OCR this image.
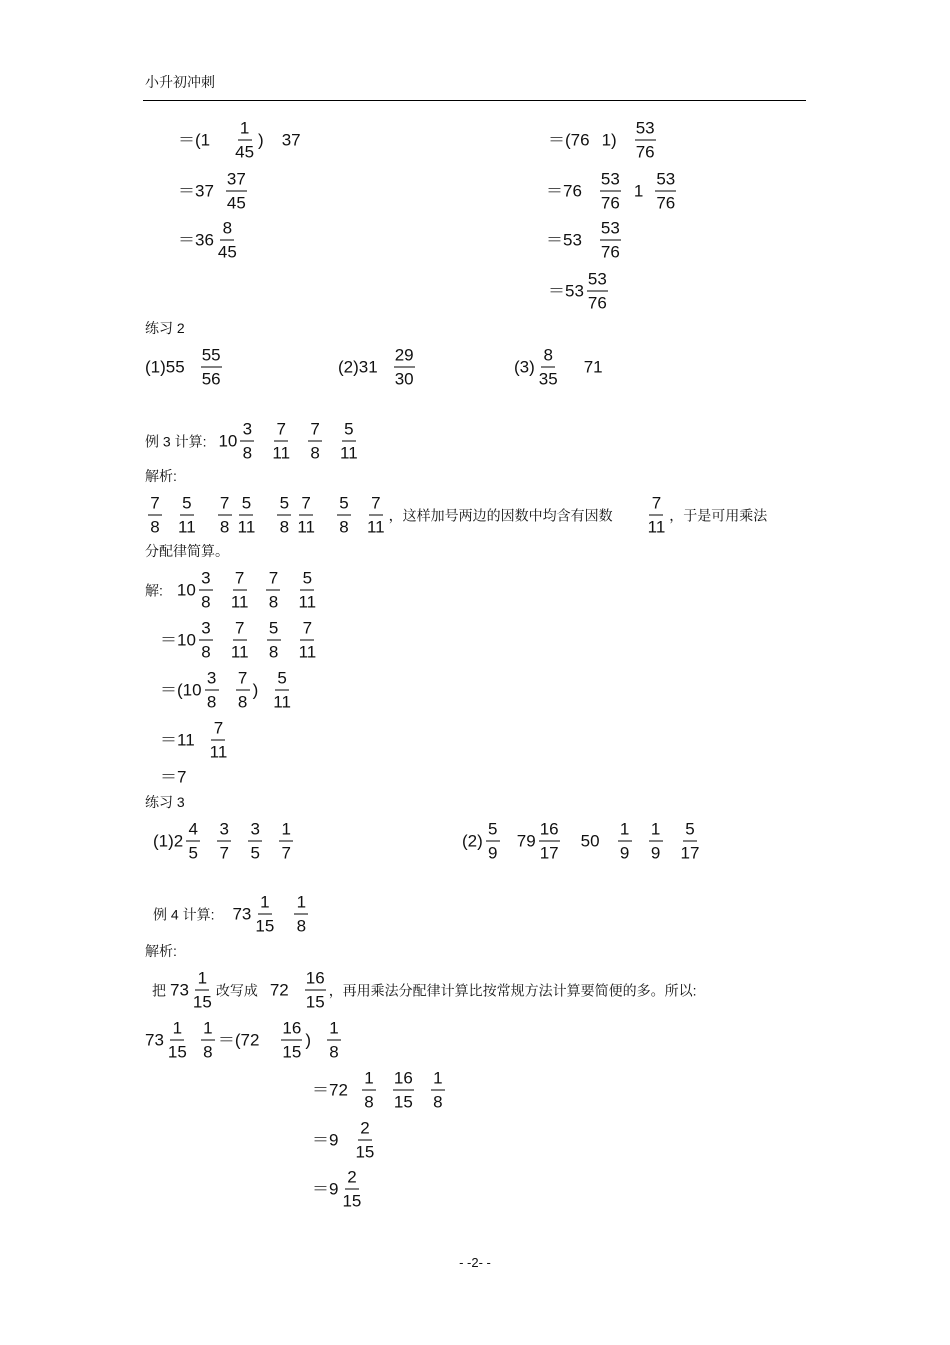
小升初冲刺
$=(1 \frac{1}{45}$ ) 37
$=37 \frac{37}{45}$
$=36 \frac{8}{45}$
＝(76 $1) \frac{53}{76}$
$=76 \frac{53}{76} 1 \frac{53}{76}$
$=53 \frac{53}{76}$
$=53 \frac{53}{76}$
练习 2
$(1)55 \frac{55}{56}$	$(2)31 \frac{29}{30}$	$(3) \frac{8}{35} 71$
例 3 计算: $10 \frac{3}{8} \frac{7}{11} \frac{7}{8} \frac{5}{11}$
解析:
$\frac{7}{8} \frac{5}{11} \frac{7}{8} \frac{5}{11} \frac{5}{8} \frac{7}{11} \frac{5}{8} \frac{7}{11}$ ，这样加号两边的因数中均含有因数 $\frac{7}{11}$ ，于是可用乘法
分配律简算。
解: $10 \frac{3}{8} \frac{7}{11} \frac{7}{8} \frac{5}{11}$
$=10 \frac{3}{8} \frac{7}{11} \frac{5}{8} \frac{7}{11}$
$=(10 \frac{3}{8} \frac{7}{8}$ ) $\frac{5}{11}$
$=11 \frac{7}{11}$
＝7
练习 3
$(1)2 \frac{4}{5} \frac{3}{7} \frac{3}{5} \frac{1}{7}$	$(2) \frac{5}{9} 79 \frac{16}{17} 50 \frac{1}{9} \frac{1}{9} \frac{5}{17}$
例 4 计算: $73 \frac{1}{15} \frac{1}{8}$
解析:
把 $73 \frac{1}{15}$ 改写成 $72 \frac{16}{15}$ ，再用乘法分配律计算比按常规方法计算要简便的多。所以:
$73 \frac{1}{15} \frac{1}{8} =(72 \frac{16}{15}$ ) $\frac{1}{8}$
$=72 \frac{1}{8} \frac{16}{15} \frac{1}{8}$
$=9 \frac{2}{15}$
$=9 \frac{2}{15}$
- -2- -
